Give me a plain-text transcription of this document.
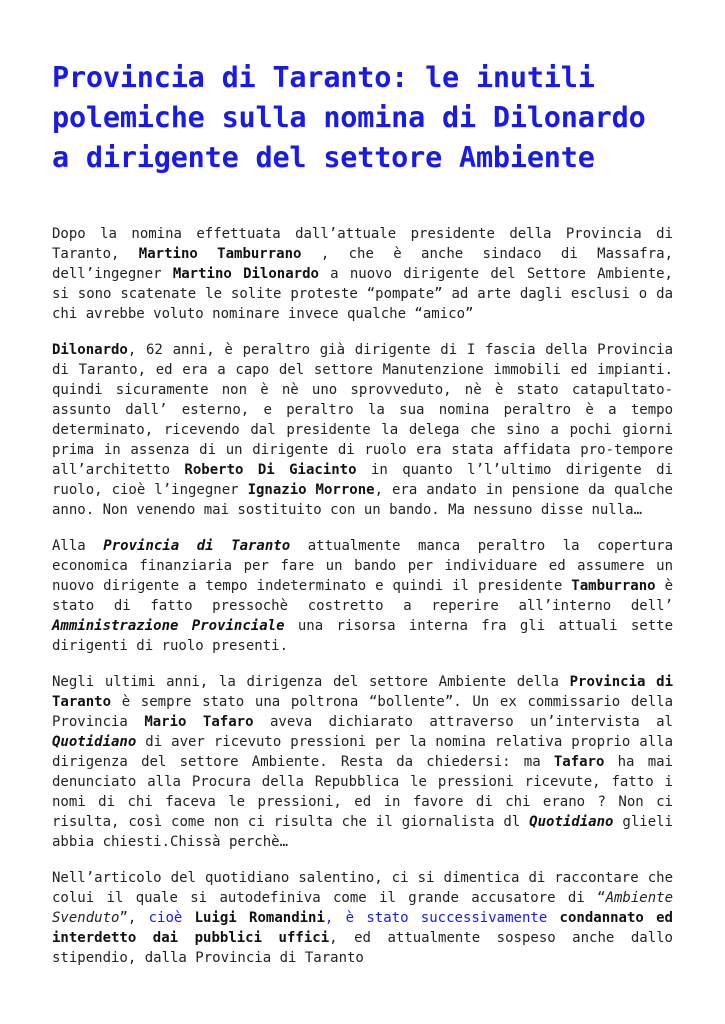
Provincia di Taranto: le inutili polemiche sulla nomina di Dilonardo a dirigente del settore Ambiente

Dopo la nomina effettuata dall’attuale presidente della Provincia di Taranto, Martino Tamburrano , che è anche sindaco di Massafra, dell’ingegner Martino Dilonardo a nuovo dirigente del Settore Ambiente, si sono scatenate le solite proteste “pompate” ad arte dagli esclusi o da chi avrebbe voluto nominare invece qualche “amico”

Dilonardo, 62 anni, è peraltro già dirigente di I fascia della Provincia di Taranto, ed era a capo del settore Manutenzione immobili ed impianti. quindi sicuramente non è nè uno sprovveduto, nè è stato catapultato-assunto dall’ esterno, e peraltro la sua nomina peraltro è a tempo determinato, ricevendo dal presidente la delega che sino a pochi giorni prima in assenza di un dirigente di ruolo era stata affidata pro-tempore all’architetto Roberto Di Giacinto in quanto l’l’ultimo dirigente di ruolo, cioè l’ingegner Ignazio Morrone, era andato in pensione da qualche anno. Non venendo mai sostituito con un bando. Ma nessuno disse nulla…

Alla Provincia di Taranto attualmente manca peraltro la copertura economica finanziaria per fare un bando per individuare ed assumere un nuovo dirigente a tempo indeterminato e quindi il presidente Tamburrano è stato di fatto pressochè costretto a reperire all’interno dell’ Amministrazione Provinciale una risorsa interna fra gli attuali sette dirigenti di ruolo presenti.

Negli ultimi anni, la dirigenza del settore Ambiente della Provincia di Taranto è sempre stato una poltrona “bollente”. Un ex commissario della Provincia Mario Tafaro aveva dichiarato attraverso un’intervista al Quotidiano di aver ricevuto pressioni per la nomina relativa proprio alla dirigenza del settore Ambiente. Resta da chiedersi: ma Tafaro ha mai denunciato alla Procura della Repubblica le pressioni ricevute, fatto i nomi di chi faceva le pressioni, ed in favore di chi erano ? Non ci risulta, così come non ci risulta che il giornalista dl Quotidiano glieli abbia chiesti.Chissà perchè…

Nell’articolo del quotidiano salentino, ci si dimentica di raccontare che colui il quale si autodefiniva come il grande accusatore di “Ambiente Svenduto”, cioè Luigi Romandini, è stato successivamente condannato ed interdetto dai pubblici uffici, ed attualmente sospeso anche dallo stipendio, dalla Provincia di Taranto
